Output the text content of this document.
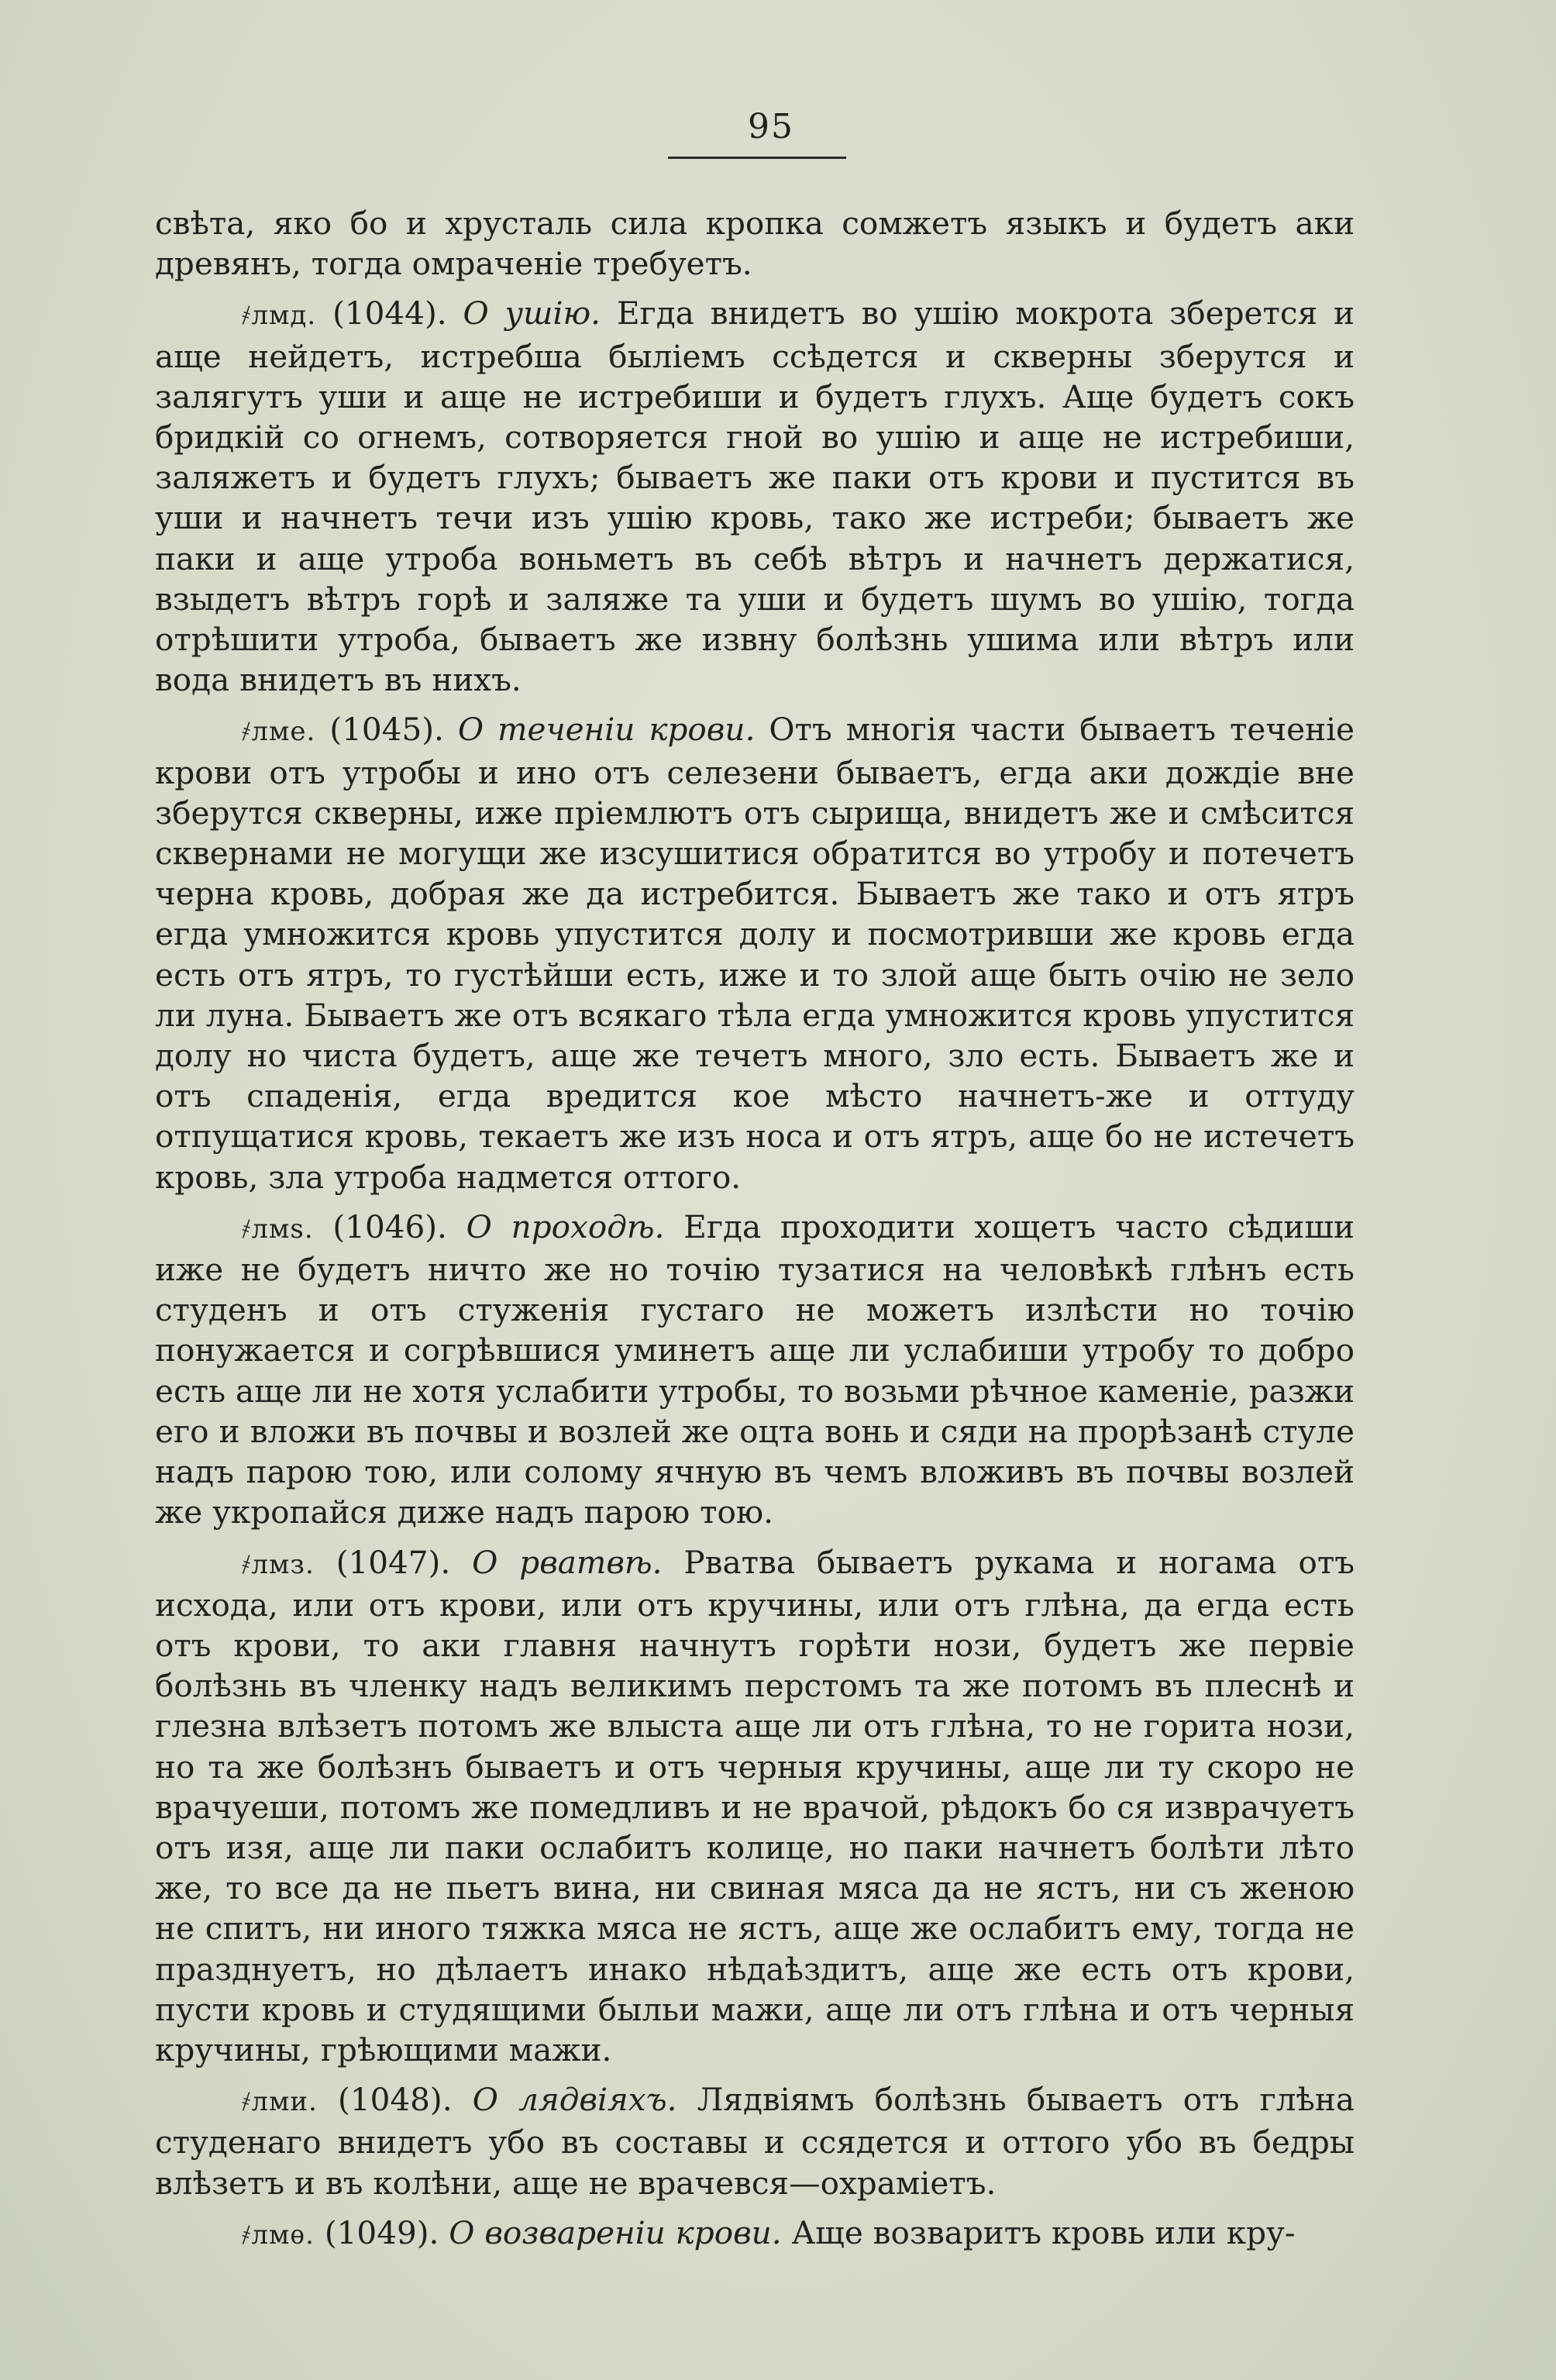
95

свѣта, яко бо и хрусталь сила кропка сомжетъ языкъ и будетъ аки древянъ, тогда омраченіе требуетъ.

҂лмд. (1044). О ушію. Егда внидетъ во ушію мокрота зберется и аще нейдетъ, истребша быліемъ ссѣдется и скверны зберутся и залягутъ уши и аще не истребиши и будетъ глухъ. Аще будетъ сокъ бридкій со огнемъ, сотворяется гной во ушію и аще не истребиши, заляжетъ и будетъ глухъ; бываетъ же паки отъ крови и пустится въ уши и начнетъ течи изъ ушію кровь, тако же истреби; бываетъ же паки и аще утроба воньметъ въ себѣ вѣтръ и начнетъ держатися, взыдетъ вѣтръ горѣ и заляже та уши и будетъ шумъ во ушію, тогда отрѣшити утроба, бываетъ же извну болѣзнь ушима или вѣтръ или вода внидетъ въ нихъ.

҂лме. (1045). О теченіи крови. Отъ многія части бываетъ теченіе крови отъ утробы и ино отъ селезени бываетъ, егда аки дождіе вне зберутся скверны, иже пріемлютъ отъ сырища, внидетъ же и смѣсится сквернами не могущи же изсушитися обратится во утробу и потечетъ черна кровь, добрая же да истребится. Бываетъ же тако и отъ ятръ егда умножится кровь упустится долу и посмотривши же кровь егда есть отъ ятръ, то густѣйши есть, иже и то злой аще быть очію не зело ли луна. Бываетъ же отъ всякаго тѣла егда умножится кровь упустится долу но чиста будетъ, аще же течетъ много, зло есть. Бываетъ же и отъ спаденія, егда вредится кое мѣсто начнетъ-же и оттуду отпущатися кровь, текаетъ же изъ носа и отъ ятръ, аще бо не истечетъ кровь, зла утроба надмется оттого.

҂лмѕ. (1046). О проходѣ. Егда проходити хощетъ часто сѣдиши иже не будетъ ничто же но точію тузатися на человѣкѣ глѣнъ есть студенъ и отъ стуженія густаго не можетъ излѣсти но точію понужается и согрѣвшися уминетъ аще ли услабиши утробу то добро есть аще ли не хотя услабити утробы, то возьми рѣчное каменіе, разжи его и вложи въ почвы и возлей же оцта вонь и сяди на прорѣзанѣ стуле надъ парою тою, или солому ячную въ чемъ вложивъ въ почвы возлей же укропайся диже надъ парою тою.

҂лмз. (1047). О рватвѣ. Рватва бываетъ рукама и ногама отъ исхода, или отъ крови, или отъ кручины, или отъ глѣна, да егда есть отъ крови, то аки главня начнутъ горѣти нози, будетъ же первіе болѣзнь въ членку надъ великимъ перстомъ та же потомъ въ плеснѣ и глезна влѣзетъ потомъ же влыста аще ли отъ глѣна, то не горита нози, но та же болѣзнъ бываетъ и отъ черныя кручины, аще ли ту скоро не врачуеши, потомъ же помедливъ и не врачой, рѣдокъ бо ся изврачуетъ отъ изя, аще ли паки ослабитъ колице, но паки начнетъ болѣти лѣто же, то все да не пьетъ вина, ни свиная мяса да не ястъ, ни съ женою не спитъ, ни иного тяжка мяса не ястъ, аще же ослабитъ ему, тогда не празднуетъ, но дѣлаетъ инако нѣдаѣздитъ, аще же есть отъ крови, пусти кровь и студящими быльи мажи, аще ли отъ глѣна и отъ черныя кручины, грѣющими мажи.

҂лми. (1048). О лядвіяхъ. Лядвіямъ болѣзнь бываетъ отъ глѣна студенаго внидетъ убо въ составы и ссядется и оттого убо въ бедры влѣзетъ и въ колѣни, аще не врачевся—охраміетъ.

҂лмѳ. (1049). О возвареніи крови. Аще возваритъ кровь или кру-
